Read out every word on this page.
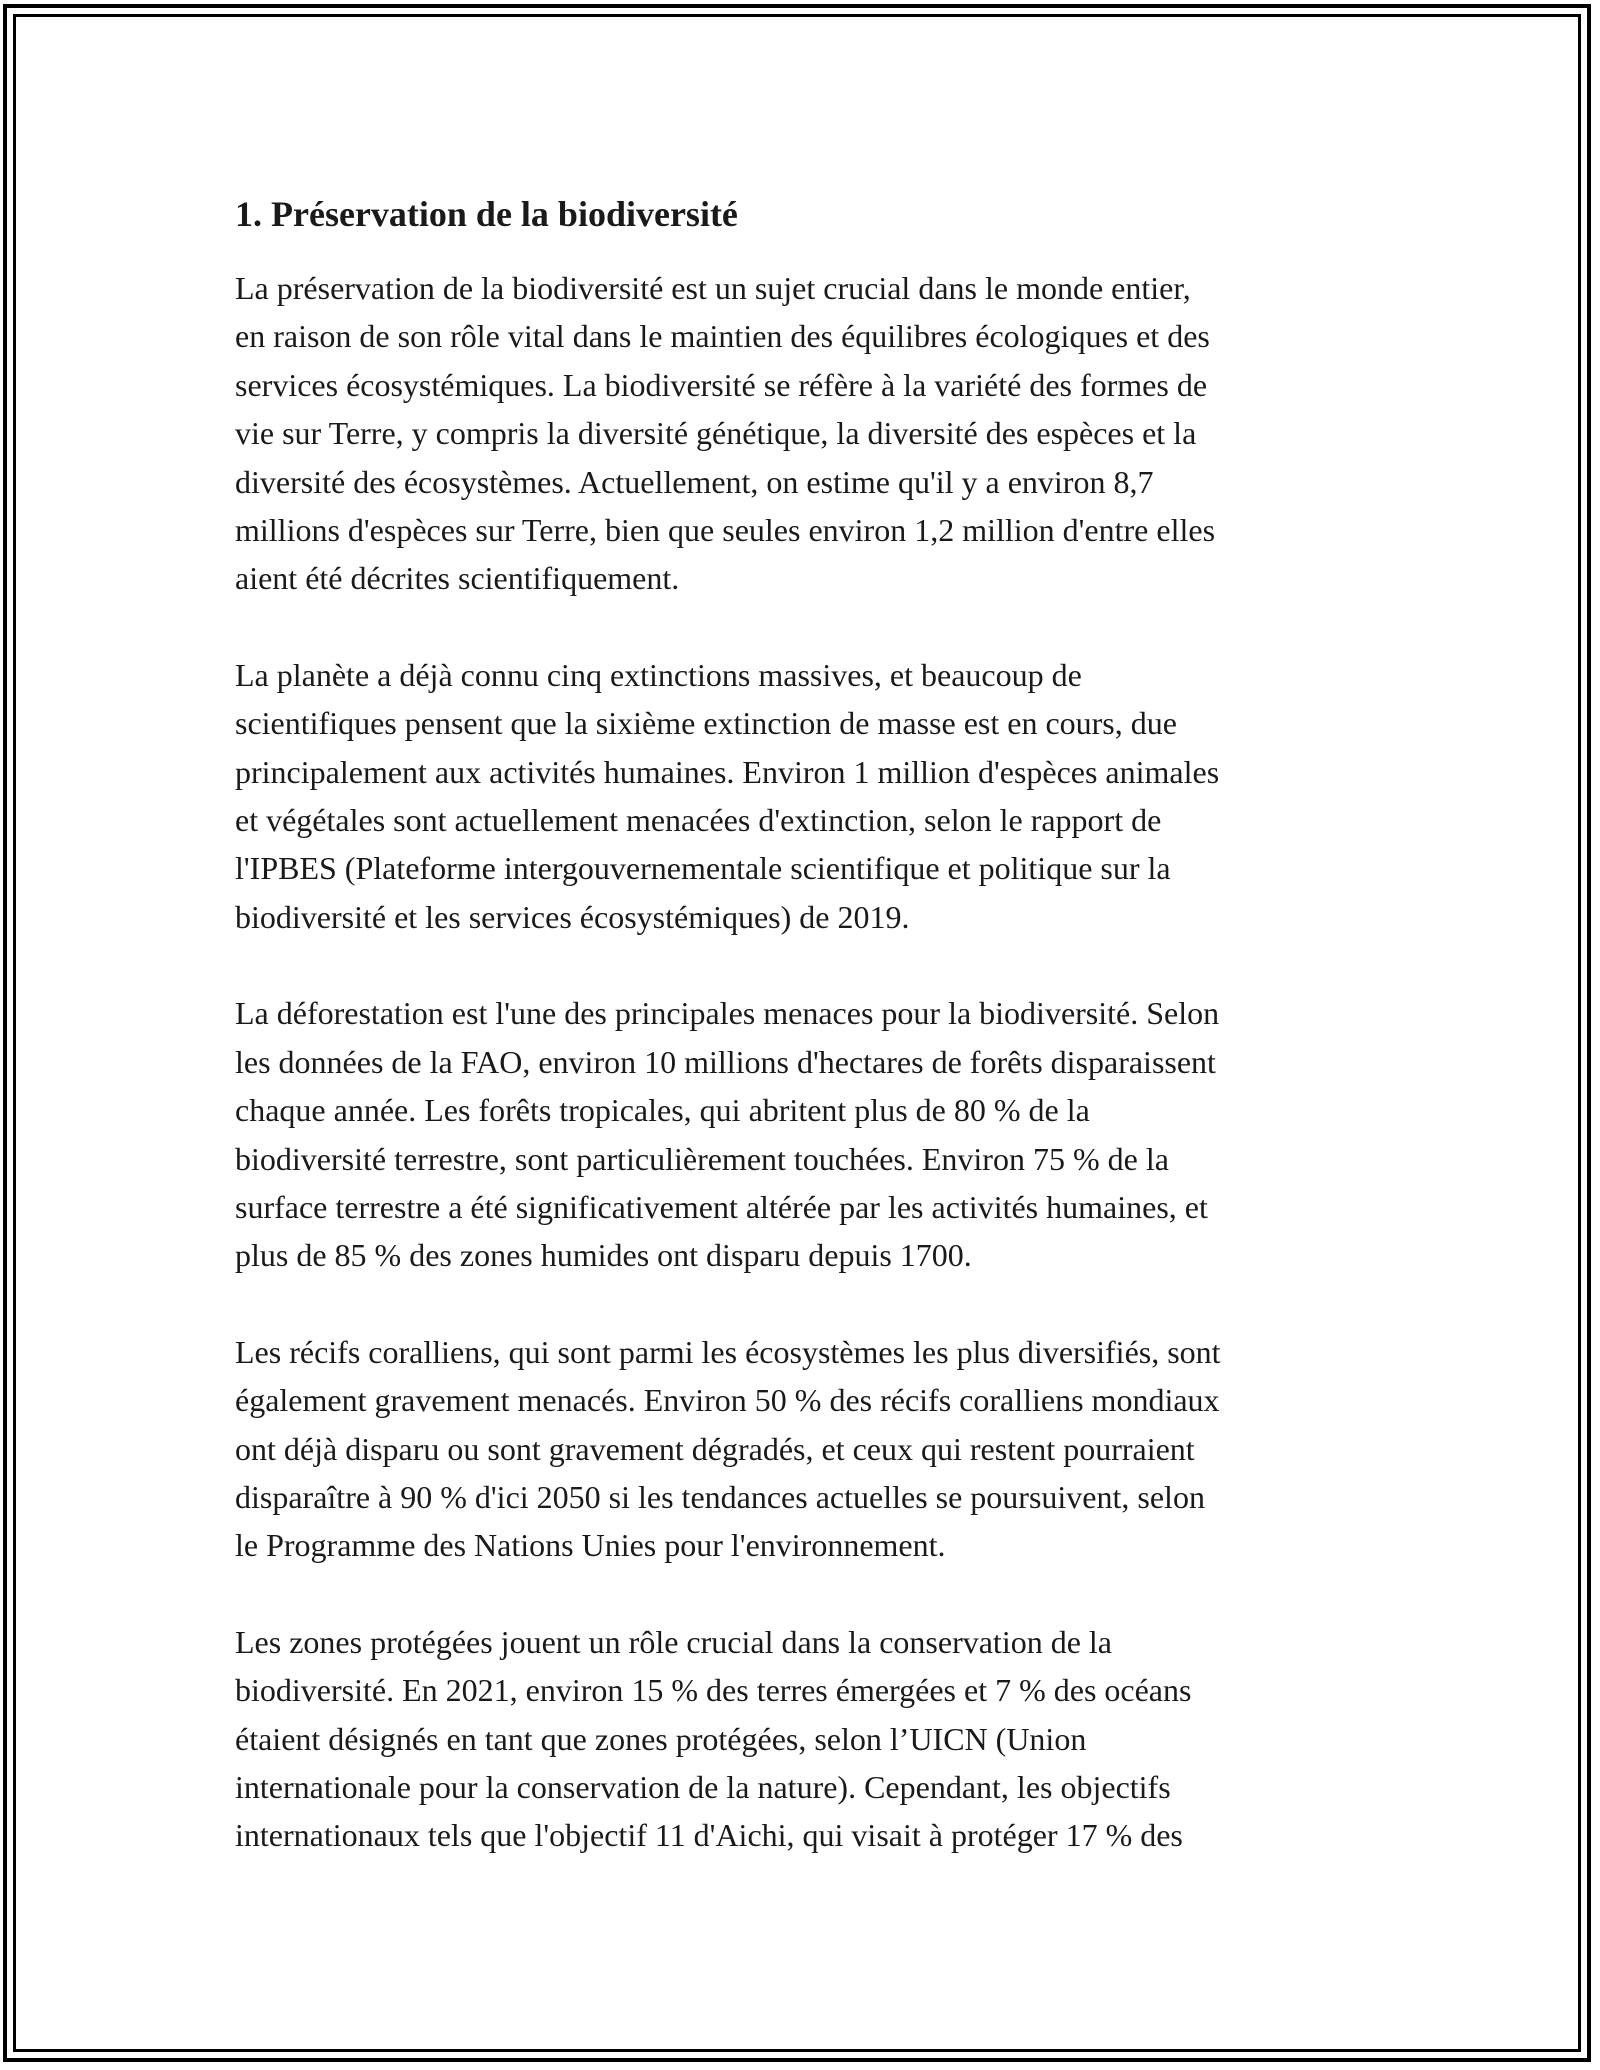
1. Préservation de la biodiversité

La préservation de la biodiversité est un sujet crucial dans le monde entier,
en raison de son rôle vital dans le maintien des équilibres écologiques et des
services écosystémiques. La biodiversité se réfère à la variété des formes de
vie sur Terre, y compris la diversité génétique, la diversité des espèces et la
diversité des écosystèmes. Actuellement, on estime qu'il y a environ 8,7
millions d'espèces sur Terre, bien que seules environ 1,2 million d'entre elles
aient été décrites scientifiquement.

La planète a déjà connu cinq extinctions massives, et beaucoup de
scientifiques pensent que la sixième extinction de masse est en cours, due
principalement aux activités humaines. Environ 1 million d'espèces animales
et végétales sont actuellement menacées d'extinction, selon le rapport de
l'IPBES (Plateforme intergouvernementale scientifique et politique sur la
biodiversité et les services écosystémiques) de 2019.

La déforestation est l'une des principales menaces pour la biodiversité. Selon
les données de la FAO, environ 10 millions d'hectares de forêts disparaissent
chaque année. Les forêts tropicales, qui abritent plus de 80 % de la
biodiversité terrestre, sont particulièrement touchées. Environ 75 % de la
surface terrestre a été significativement altérée par les activités humaines, et
plus de 85 % des zones humides ont disparu depuis 1700.

Les récifs coralliens, qui sont parmi les écosystèmes les plus diversifiés, sont
également gravement menacés. Environ 50 % des récifs coralliens mondiaux
ont déjà disparu ou sont gravement dégradés, et ceux qui restent pourraient
disparaître à 90 % d'ici 2050 si les tendances actuelles se poursuivent, selon
le Programme des Nations Unies pour l'environnement.

Les zones protégées jouent un rôle crucial dans la conservation de la
biodiversité. En 2021, environ 15 % des terres émergées et 7 % des océans
étaient désignés en tant que zones protégées, selon l’UICN (Union
internationale pour la conservation de la nature). Cependant, les objectifs
internationaux tels que l'objectif 11 d'Aichi, qui visait à protéger 17 % des
